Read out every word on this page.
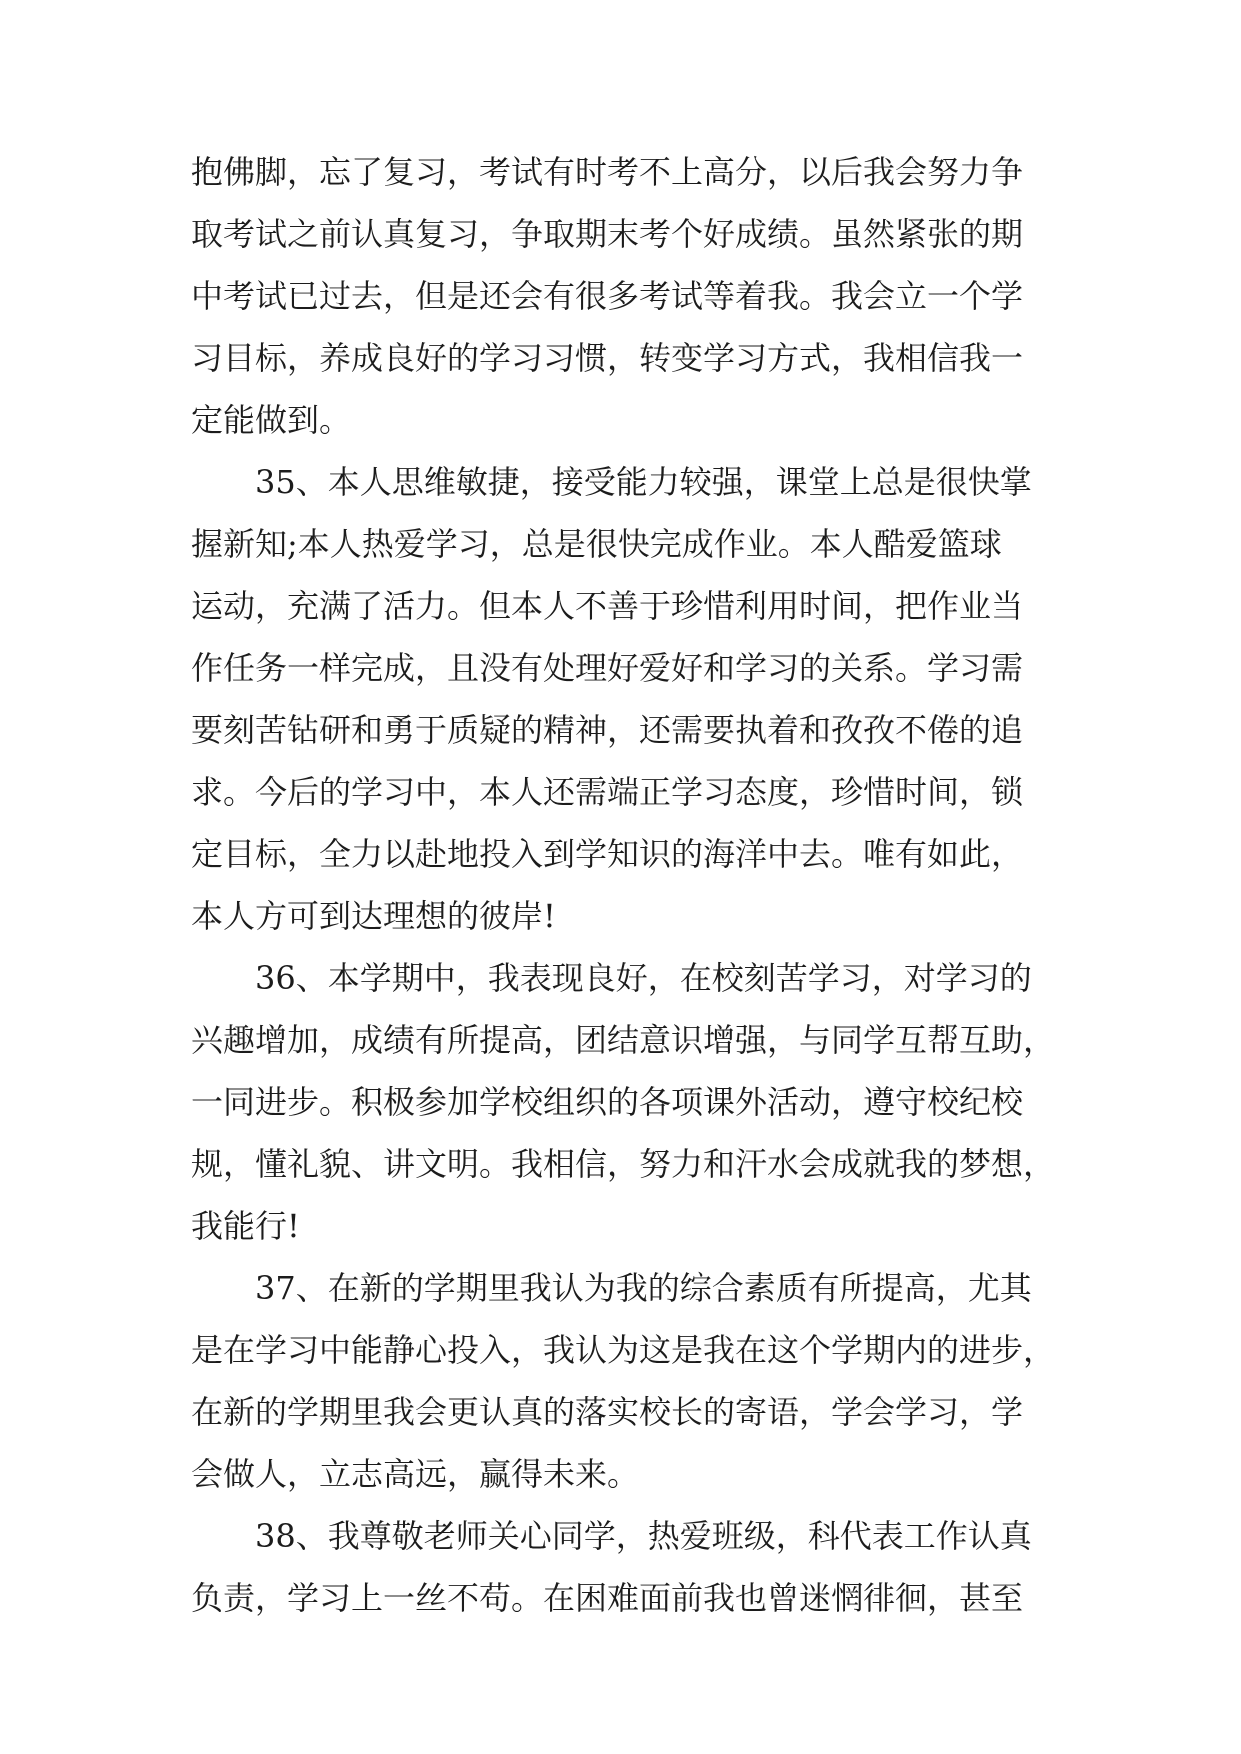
抱佛脚，忘了复习，考试有时考不上高分，以后我会努力争
取考试之前认真复习，争取期末考个好成绩。虽然紧张的期
中考试已过去，但是还会有很多考试等着我。我会立一个学
习目标，养成良好的学习习惯，转变学习方式，我相信我一
定能做到。
35、本人思维敏捷，接受能力较强，课堂上总是很快掌
握新知;本人热爱学习，总是很快完成作业。本人酷爱篮球
运动，充满了活力。但本人不善于珍惜利用时间，把作业当
作任务一样完成，且没有处理好爱好和学习的关系。学习需
要刻苦钻研和勇于质疑的精神，还需要执着和孜孜不倦的追
求。今后的学习中，本人还需端正学习态度，珍惜时间，锁
定目标，全力以赴地投入到学知识的海洋中去。唯有如此，
本人方可到达理想的彼岸!
36、本学期中，我表现良好，在校刻苦学习，对学习的
兴趣增加，成绩有所提高，团结意识增强，与同学互帮互助，
一同进步。积极参加学校组织的各项课外活动，遵守校纪校
规，懂礼貌、讲文明。我相信，努力和汗水会成就我的梦想，
我能行!
37、在新的学期里我认为我的综合素质有所提高，尤其
是在学习中能静心投入，我认为这是我在这个学期内的进步，
在新的学期里我会更认真的落实校长的寄语，学会学习，学
会做人，立志高远，赢得未来。
38、我尊敬老师关心同学，热爱班级，科代表工作认真
负责，学习上一丝不苟。在困难面前我也曾迷惘徘徊，甚至
